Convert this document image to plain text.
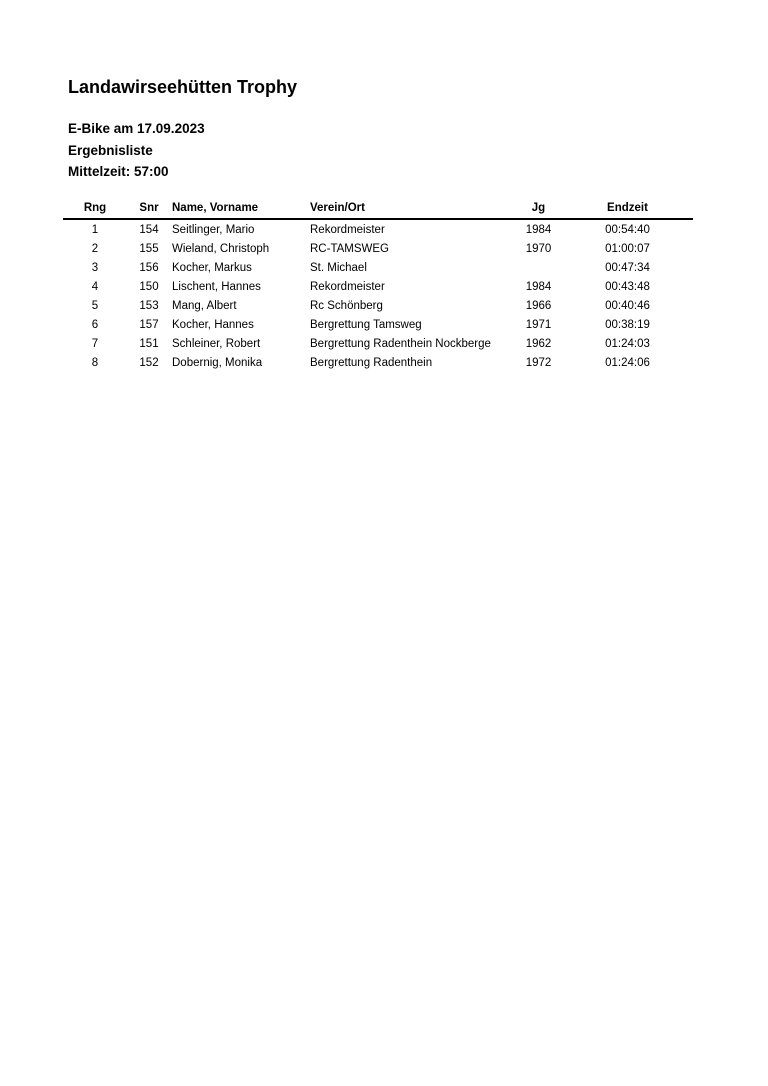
Landawirseehütten Trophy
E-Bike am 17.09.2023
Ergebnisliste
Mittelzeit: 57:00
Rng	Snr	Name, Vorname	Verein/Ort	Jg	Endzeit
1	154	Seitlinger, Mario	Rekordmeister	1984	00:54:40
2	155	Wieland, Christoph	RC-TAMSWEG	1970	01:00:07
3	156	Kocher, Markus	St. Michael		00:47:34
4	150	Lischent, Hannes	Rekordmeister	1984	00:43:48
5	153	Mang, Albert	Rc Schönberg	1966	00:40:46
6	157	Kocher, Hannes	Bergrettung Tamsweg	1971	00:38:19
7	151	Schleiner, Robert	Bergrettung Radenthein Nockberge	1962	01:24:03
8	152	Dobernig, Monika	Bergrettung Radenthein	1972	01:24:06
